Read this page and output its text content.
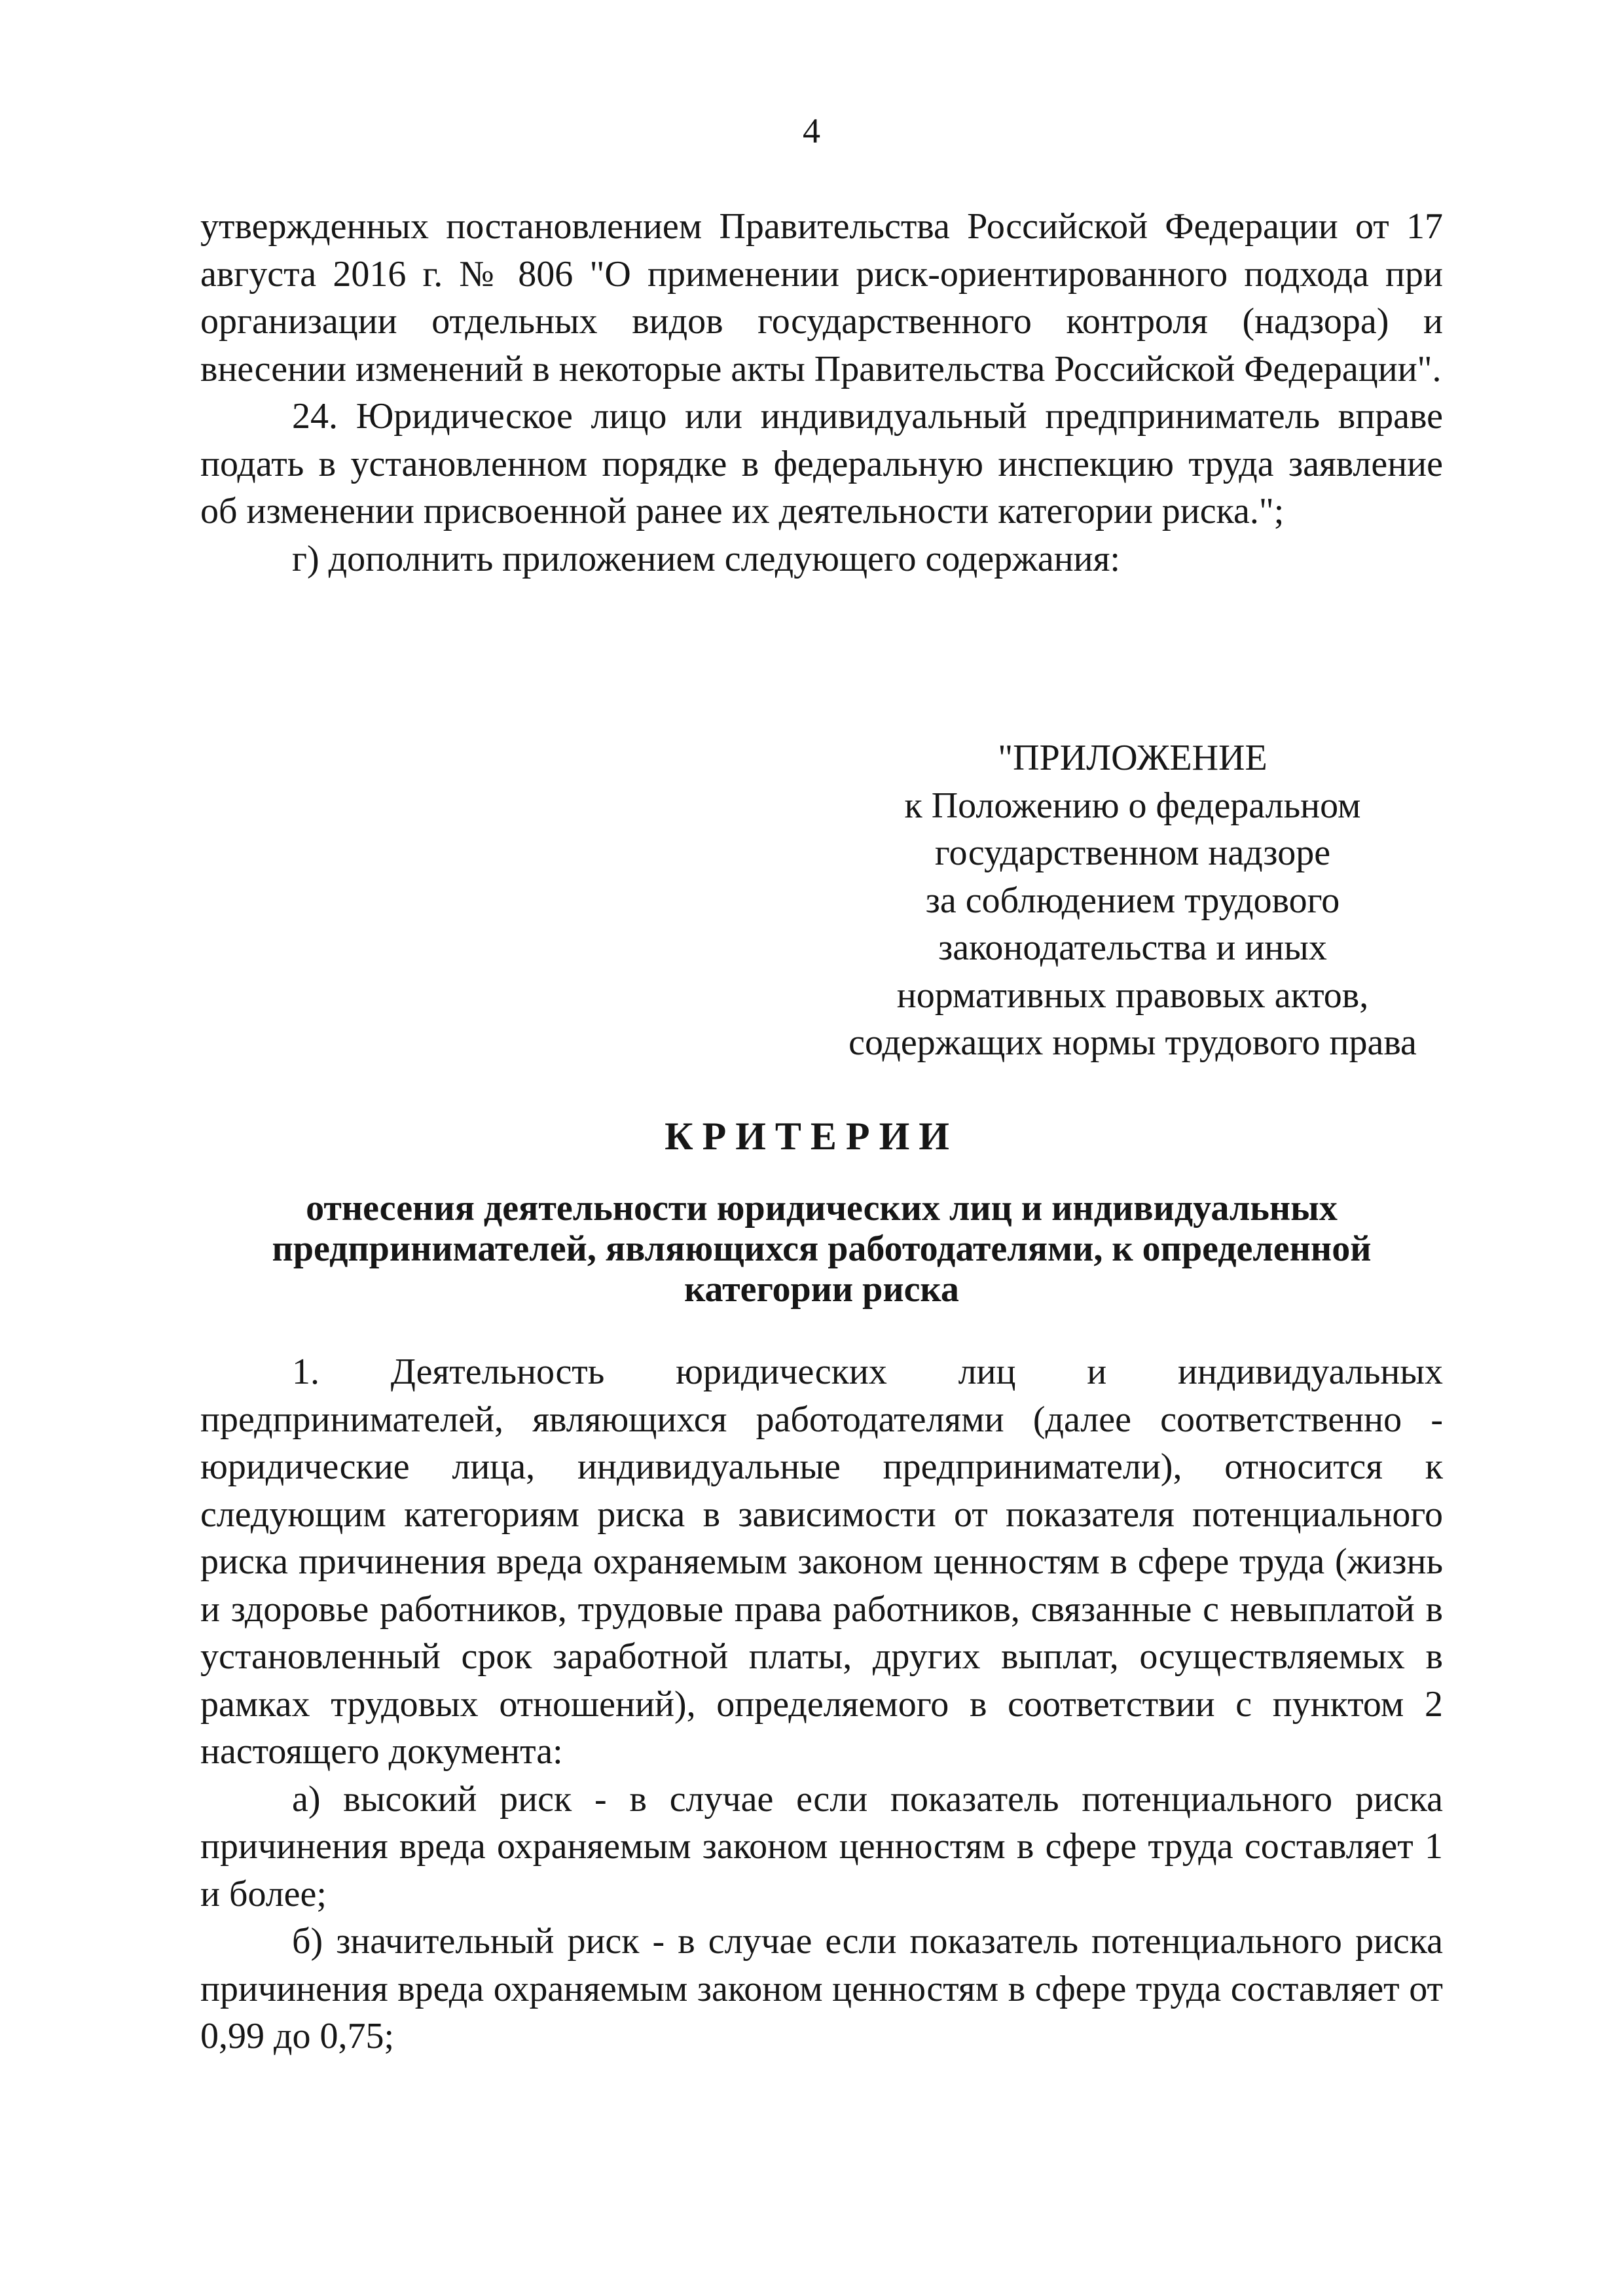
4

утвержденных постановлением Правительства Российской Федерации от 17 августа 2016 г. № 806 "О применении риск-ориентированного подхода при организации отдельных видов государственного контроля (надзора) и внесении изменений в некоторые акты Правительства Российской Федерации".

24. Юридическое лицо или индивидуальный предприниматель вправе подать в установленном порядке в федеральную инспекцию труда заявление об изменении присвоенной ранее их деятельности категории риска.";

г) дополнить приложением следующего содержания:

"ПРИЛОЖЕНИЕ

к Положению о федеральном

государственном надзоре

за соблюдением трудового

законодательства и иных

нормативных правовых актов,

содержащих нормы трудового права

КРИТЕРИИ

отнесения деятельности юридических лиц и индивидуальных

предпринимателей, являющихся работодателями, к определенной

категории риска

1. Деятельность юридических лиц и индивидуальных предпринимателей, являющихся работодателями (далее соответственно - юридические лица, индивидуальные предприниматели), относится к следующим категориям риска в зависимости от показателя потенциального риска причинения вреда охраняемым законом ценностям в сфере труда (жизнь и здоровье работников, трудовые права работников, связанные с невыплатой в установленный срок заработной платы, других выплат, осуществляемых в рамках трудовых отношений), определяемого в соответствии с пунктом 2 настоящего документа:

а) высокий риск - в случае если показатель потенциального риска причинения вреда охраняемым законом ценностям в сфере труда составляет 1 и более;

б) значительный риск - в случае если показатель потенциального риска причинения вреда охраняемым законом ценностям в сфере труда составляет от 0,99 до 0,75;
